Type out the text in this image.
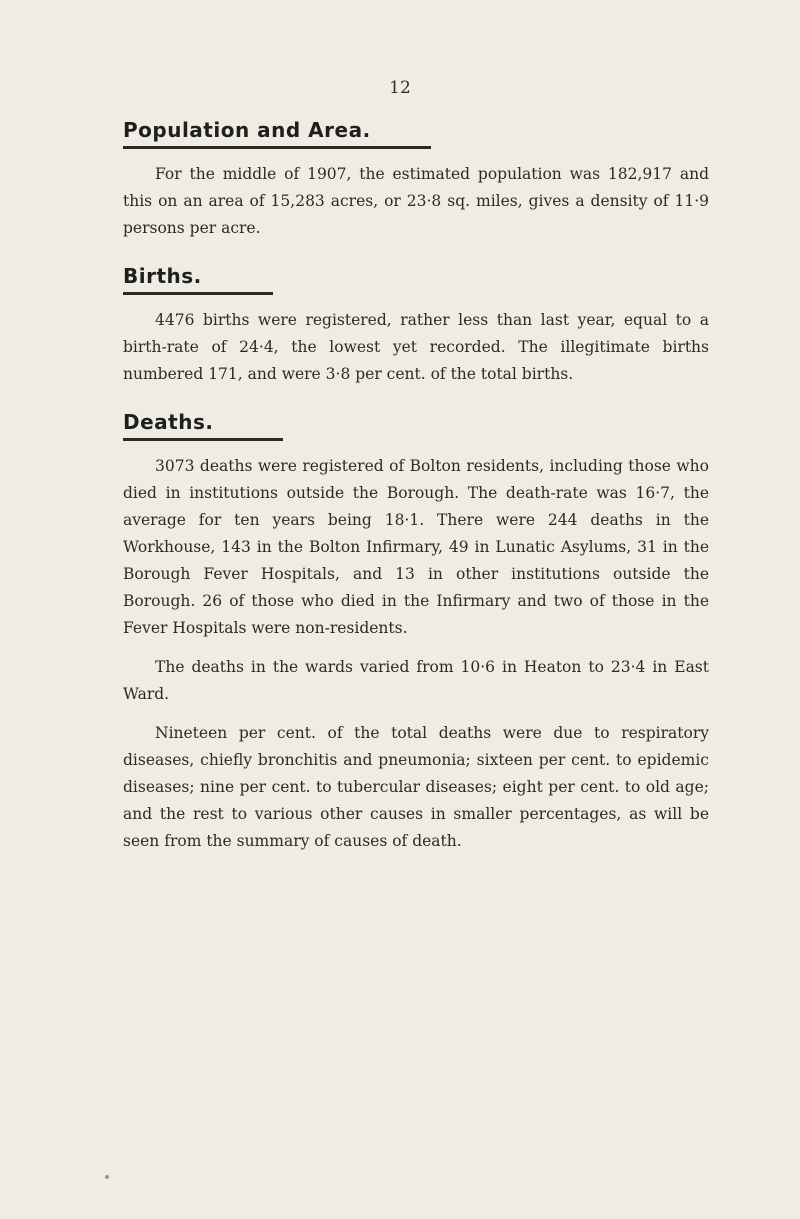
12
Population and Area.

For the middle of 1907, the estimated population was 182,917 and this on an area of 15,283 acres, or 23·8 sq. miles, gives a density of 11·9 persons per acre.

Births.

4476 births were registered, rather less than last year, equal to a birth-rate of 24·4, the lowest yet recorded. The illegitimate births numbered 171, and were 3·8 per cent. of the total births.

Deaths.

3073 deaths were registered of Bolton residents, including those who died in institutions outside the Borough. The death-rate was 16·7, the average for ten years being 18·1. There were 244 deaths in the Workhouse, 143 in the Bolton Infirmary, 49 in Lunatic Asylums, 31 in the Borough Fever Hospitals, and 13 in other institutions outside the Borough. 26 of those who died in the Infirmary and two of those in the Fever Hospitals were non-residents.

The deaths in the wards varied from 10·6 in Heaton to 23·4 in East Ward.

Nineteen per cent. of the total deaths were due to respiratory diseases, chiefly bronchitis and pneumonia; sixteen per cent. to epidemic diseases; nine per cent. to tubercular diseases; eight per cent. to old age; and the rest to various other causes in smaller percentages, as will be seen from the summary of causes of death.
